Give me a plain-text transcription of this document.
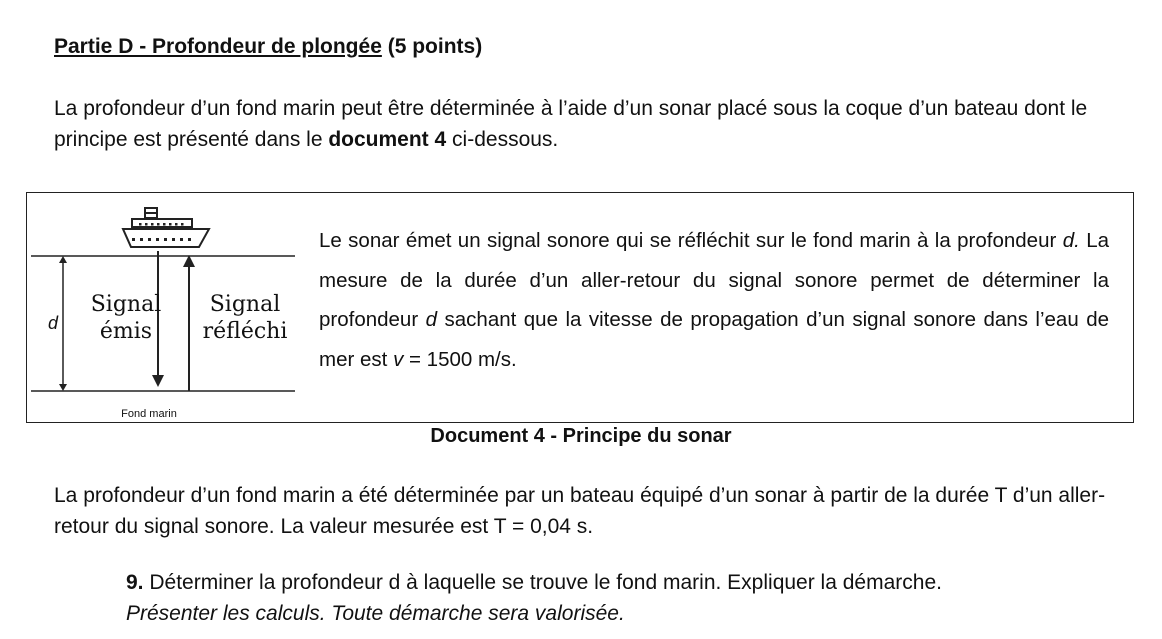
Partie D - Profondeur de plongée (5 points)

La profondeur d’un fond marin peut être déterminée à l’aide d’un sonar placé sous la coque d’un bateau dont le principe est présenté dans le document 4 ci-dessous.

d
Signal
émis
Signal
réfléchi
Fond marin

Le sonar émet un signal sonore qui se réfléchit sur le fond marin à la profondeur d. La mesure de la durée d’un aller-retour du signal sonore permet de déterminer la profondeur d sachant que la vitesse de propagation d’un signal sonore dans l’eau de mer est v = 1500 m/s.

Document 4 - Principe du sonar

La profondeur d’un fond marin a été déterminée par un bateau équipé d’un sonar à partir de la durée T d’un aller-retour du signal sonore. La valeur mesurée est T = 0,04 s.

9. Déterminer la profondeur d à laquelle se trouve le fond marin. Expliquer la démarche.
Présenter les calculs. Toute démarche sera valorisée.
